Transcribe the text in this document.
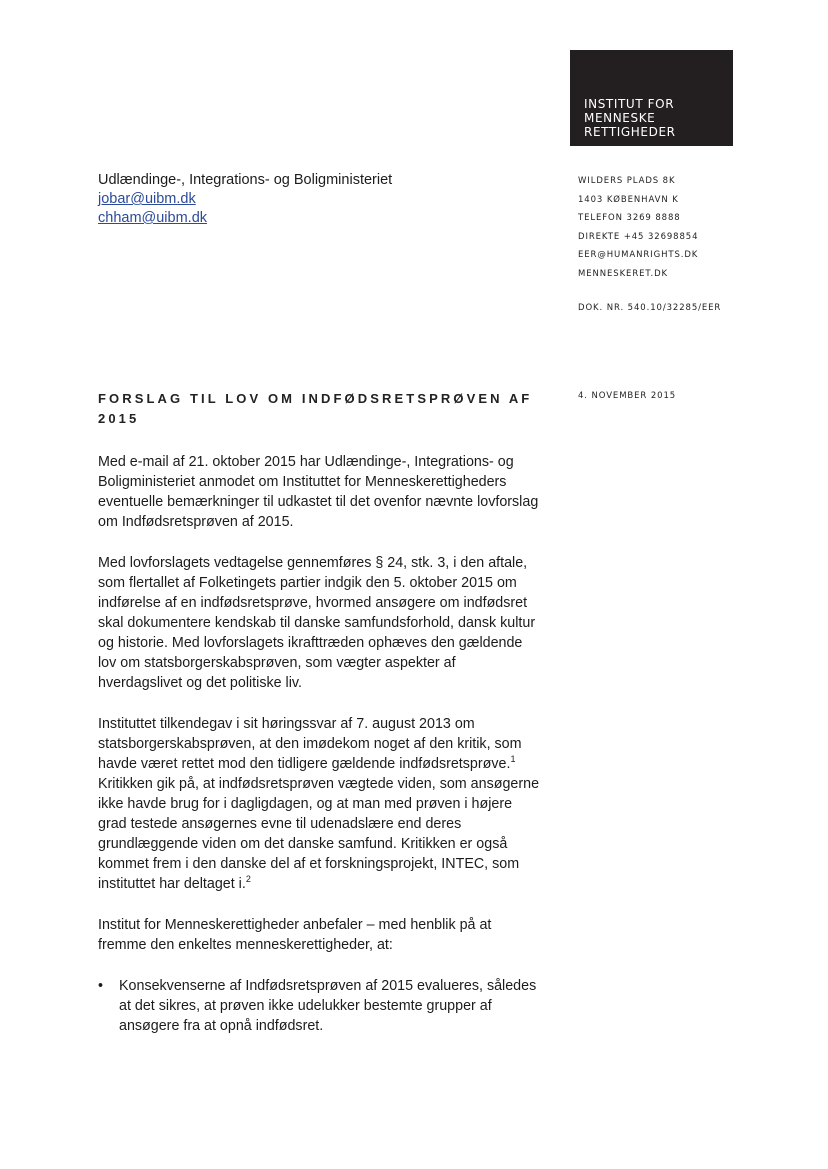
INSTITUT FOR
MENNESKE
RETTIGHEDER
Udlændinge-, Integrations- og Boligministeriet
jobar@uibm.dk
chham@uibm.dk
WILDERS PLADS 8K
1403 KØBENHAVN K
TELEFON 3269 8888
DIREKTE +45 32698854
EER@HUMANRIGHTS.DK
MENNESKERET.DK
DOK. NR. 540.10/32285/EER
4. NOVEMBER 2015
FORSLAG TIL LOV OM INDFØDSRETSPRØVEN AF 2015

Med e-mail af 21. oktober 2015 har Udlændinge-, Integrations- og Boligministeriet anmodet om Instituttet for Menneskerettigheders eventuelle bemærkninger til udkastet til det ovenfor nævnte lovforslag om Indfødsretsprøven af 2015.

Med lovforslagets vedtagelse gennemføres § 24, stk. 3, i den aftale, som flertallet af Folketingets partier indgik den 5. oktober 2015 om indførelse af en indfødsretsprøve, hvormed ansøgere om indfødsret skal dokumentere kendskab til danske samfundsforhold, dansk kultur og historie. Med lovforslagets ikrafttræden ophæves den gældende lov om statsborgerskabsprøven, som vægter aspekter af hverdagslivet og det politiske liv.

Instituttet tilkendegav i sit høringssvar af 7. august 2013 om statsborgerskabsprøven, at den imødekom noget af den kritik, som havde været rettet mod den tidligere gældende indfødsretsprøve.$^1$ Kritikken gik på, at indfødsretsprøven vægtede viden, som ansøgerne ikke havde brug for i dagligdagen, og at man med prøven i højere grad testede ansøgernes evne til udenadslære end deres grundlæggende viden om det danske samfund. Kritikken er også kommet frem i den danske del af et forskningsprojekt, INTEC, som instituttet har deltaget i.$^2$

Institut for Menneskerettigheder anbefaler – med henblik på at fremme den enkeltes menneskerettigheder, at:

• Konsekvenserne af Indfødsretsprøven af 2015 evalueres, således at det sikres, at prøven ikke udelukker bestemte grupper af ansøgere fra at opnå indfødsret.
